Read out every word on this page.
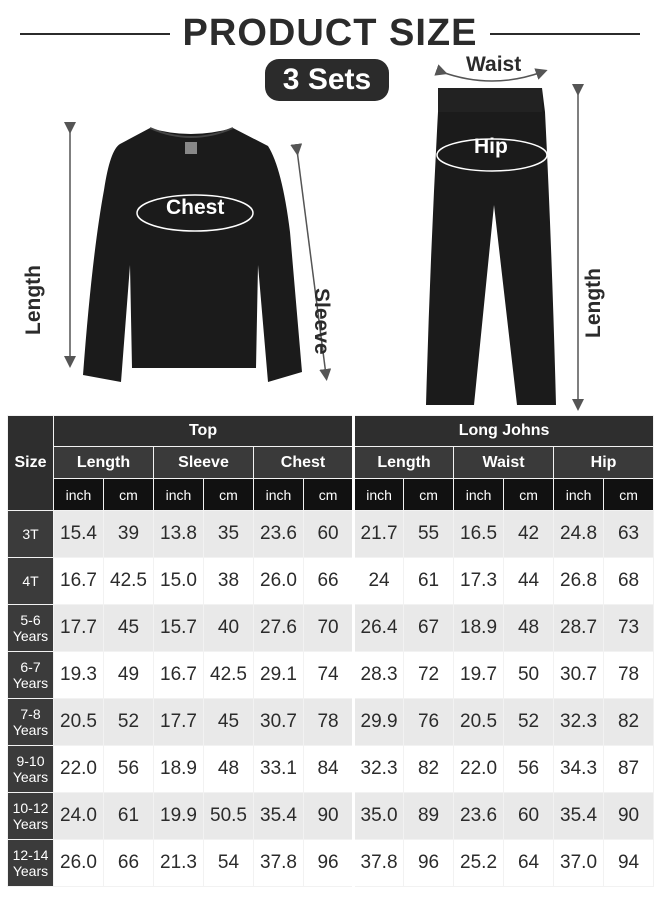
PRODUCT SIZE
3 Sets
Length
Chest
Sleeve
Waist
Hip
Length
Size	Top						Long Johns					
	Length		Sleeve		Chest		Length		Waist		Hip	
	inch	cm	inch	cm	inch	cm	inch	cm	inch	cm	inch	cm

3T	15.4	39	13.8	35	23.6	60	21.7	55	16.5	42	24.8	63

4T	16.7	42.5	15.0	38	26.0	66	24	61	17.3	44	26.8	68

5-6
Years	17.7	45	15.7	40	27.6	70	26.4	67	18.9	48	28.7	73

6-7
Years	19.3	49	16.7	42.5	29.1	74	28.3	72	19.7	50	30.7	78

7-8
Years	20.5	52	17.7	45	30.7	78	29.9	76	20.5	52	32.3	82

9-10
Years	22.0	56	18.9	48	33.1	84	32.3	82	22.0	56	34.3	87

10-12
Years	24.0	61	19.9	50.5	35.4	90	35.0	89	23.6	60	35.4	90

12-14
Years	26.0	66	21.3	54	37.8	96	37.8	96	25.2	64	37.0	94
